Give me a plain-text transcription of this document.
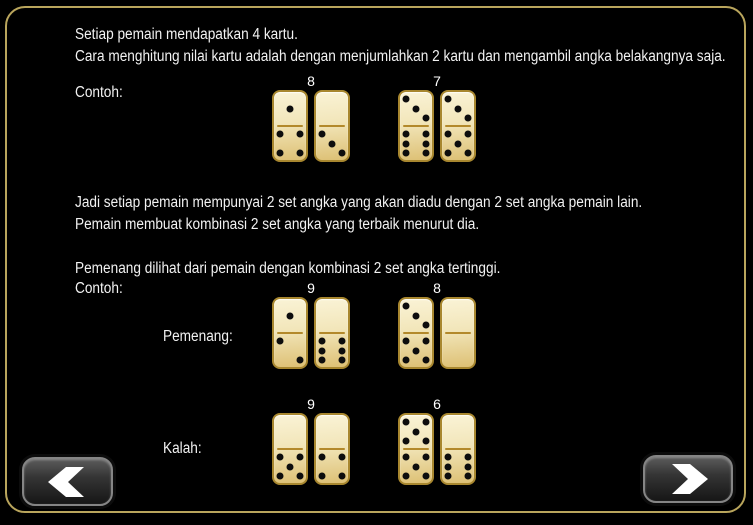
Setiap pemain mendapatkan 4 kartu.
Cara menghitung nilai kartu adalah dengan menjumlahkan 2 kartu dan mengambil angka belakangnya saja.
Contoh:
Jadi setiap pemain mempunyai 2 set angka yang akan diadu dengan 2 set angka pemain lain.
Pemain membuat kombinasi 2 set angka yang terbaik menurut dia.
Pemenang dilihat dari pemain dengan kombinasi 2 set angka tertinggi.
Contoh:
Pemenang:
Kalah:
8	7
9	8
9	6
